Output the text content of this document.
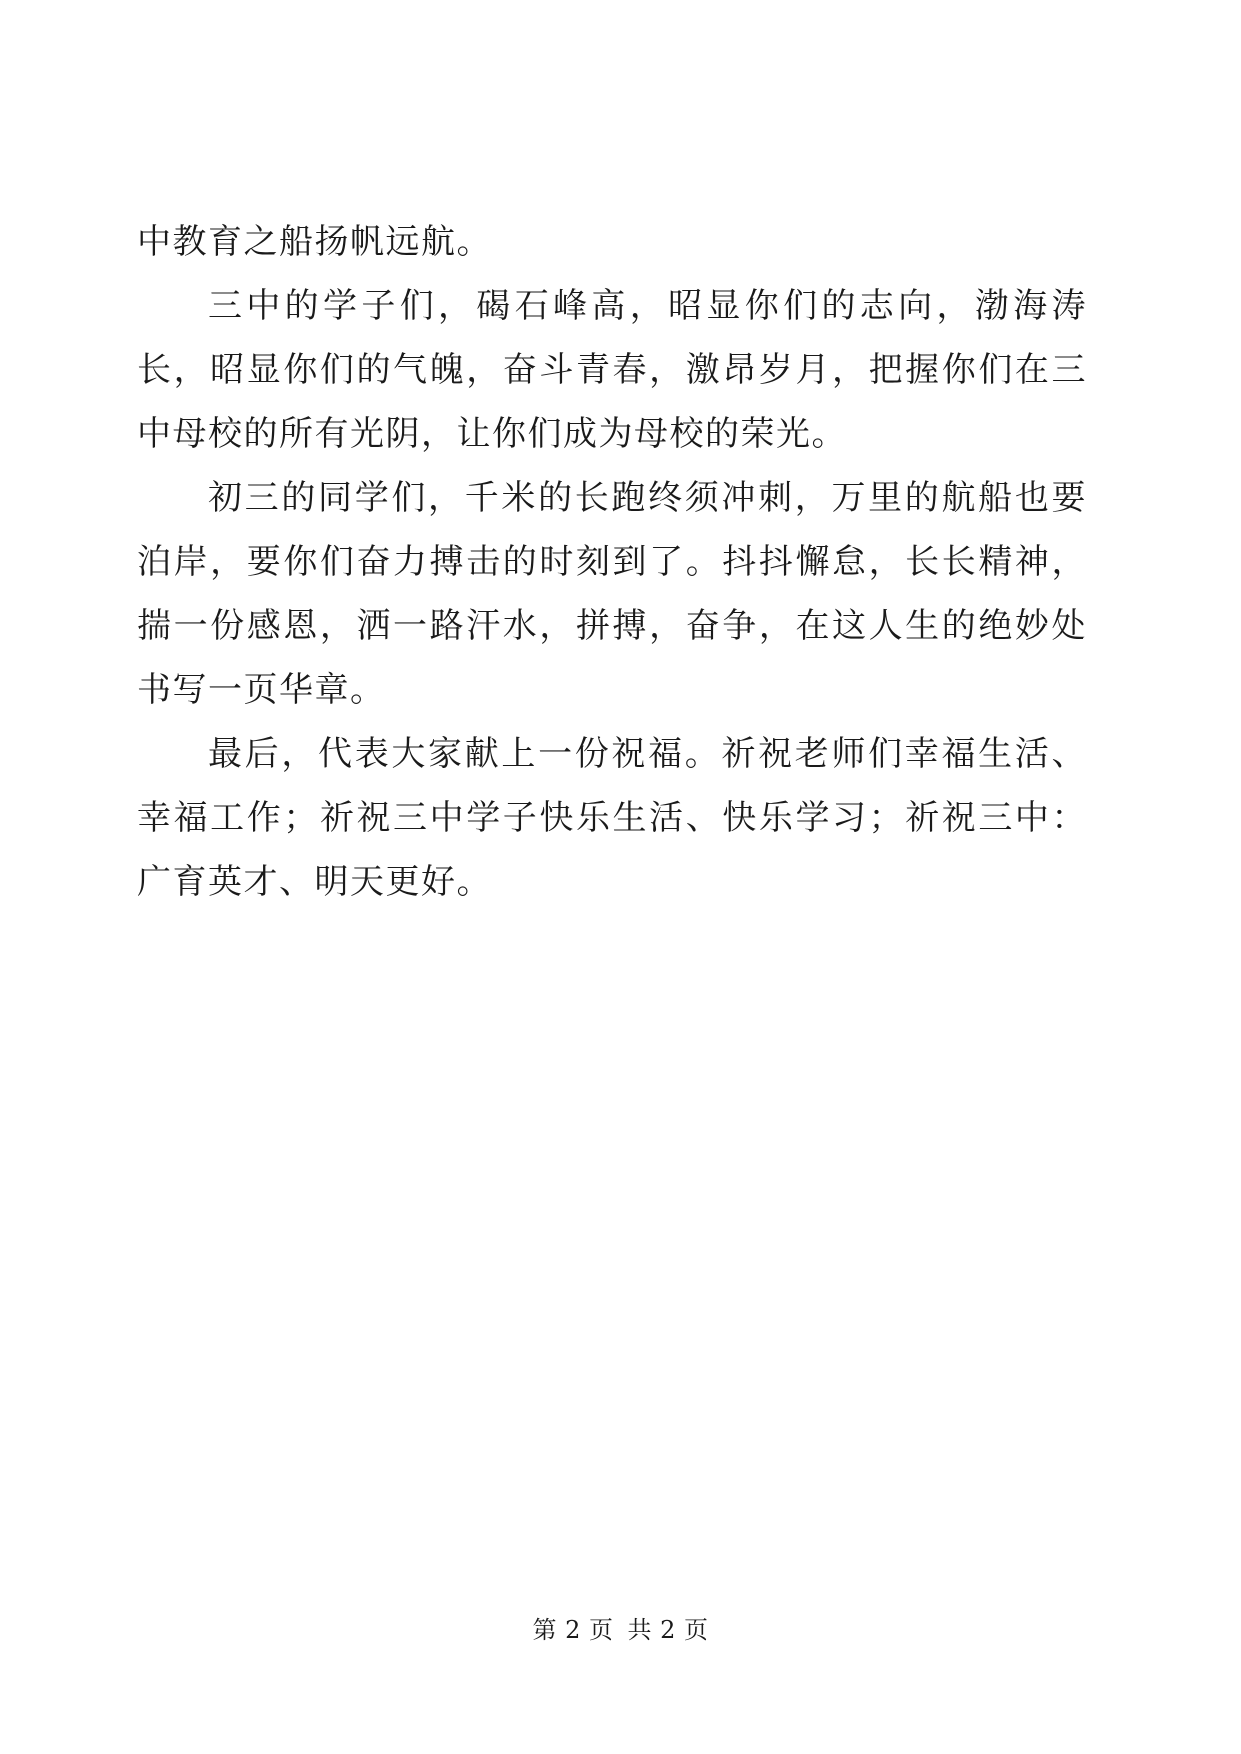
中教育之船扬帆远航。

三中的学子们，碣石峰高，昭显你们的志向，渤海涛长，昭显你们的气魄，奋斗青春，激昂岁月，把握你们在三中母校的所有光阴，让你们成为母校的荣光。

初三的同学们，千米的长跑终须冲刺，万里的航船也要泊岸，要你们奋力搏击的时刻到了。抖抖懈怠，长长精神，揣一份感恩，洒一路汗水，拼搏，奋争，在这人生的绝妙处书写一页华章。

最后，代表大家献上一份祝福。祈祝老师们幸福生活、幸福工作；祈祝三中学子快乐生活、快乐学习；祈祝三中：广育英才、明天更好。

第 2 页 共 2 页
